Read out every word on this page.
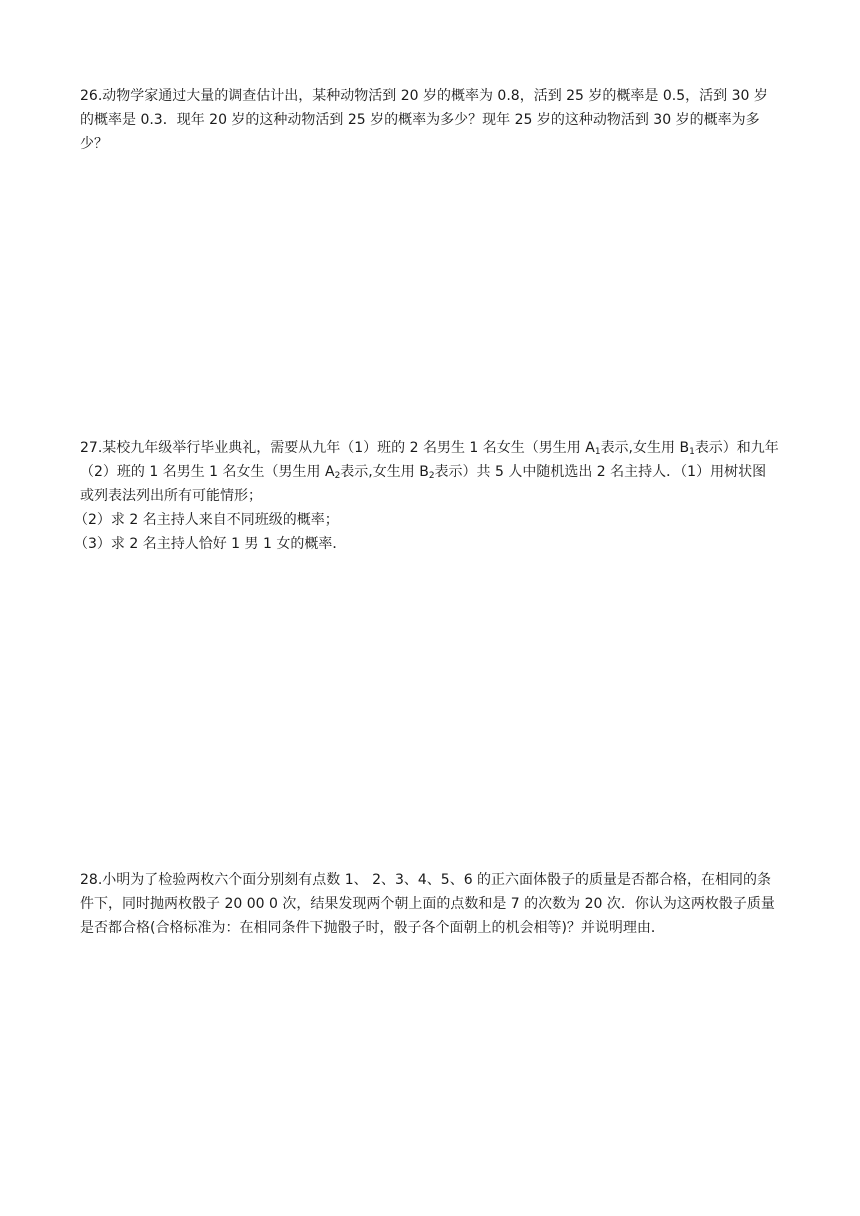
26.动物学家通过大量的调查估计出，某种动物活到 20 岁的概率为 0.8，活到 25 岁的概率是 0.5，活到 30 岁的概率是 0.3．现年 20 岁的这种动物活到 25 岁的概率为多少？现年 25 岁的这种动物活到 30 岁的概率为多少？

27.某校九年级举行毕业典礼，需要从九年（1）班的 2 名男生 1 名女生（男生用 $A_1$表示,女生用 $B_1$表示）和九年（2）班的 1 名男生 1 名女生（男生用 $A_2$表示,女生用 $B_2$表示）共 5 人中随机选出 2 名主持人．（1）用树状图或列表法列出所有可能情形；

（2）求 2 名主持人来自不同班级的概率；

（3）求 2 名主持人恰好 1 男 1 女的概率．

28.小明为了检验两枚六个面分别刻有点数 1、 2、3、4、5、6 的正六面体骰子的质量是否都合格，在相同的条件下，同时抛两枚骰子 20 00 0 次，结果发现两个朝上面的点数和是 7 的次数为 20 次．你认为这两枚骰子质量是否都合格(合格标准为：在相同条件下抛骰子时，骰子各个面朝上的机会相等)？并说明理由．
